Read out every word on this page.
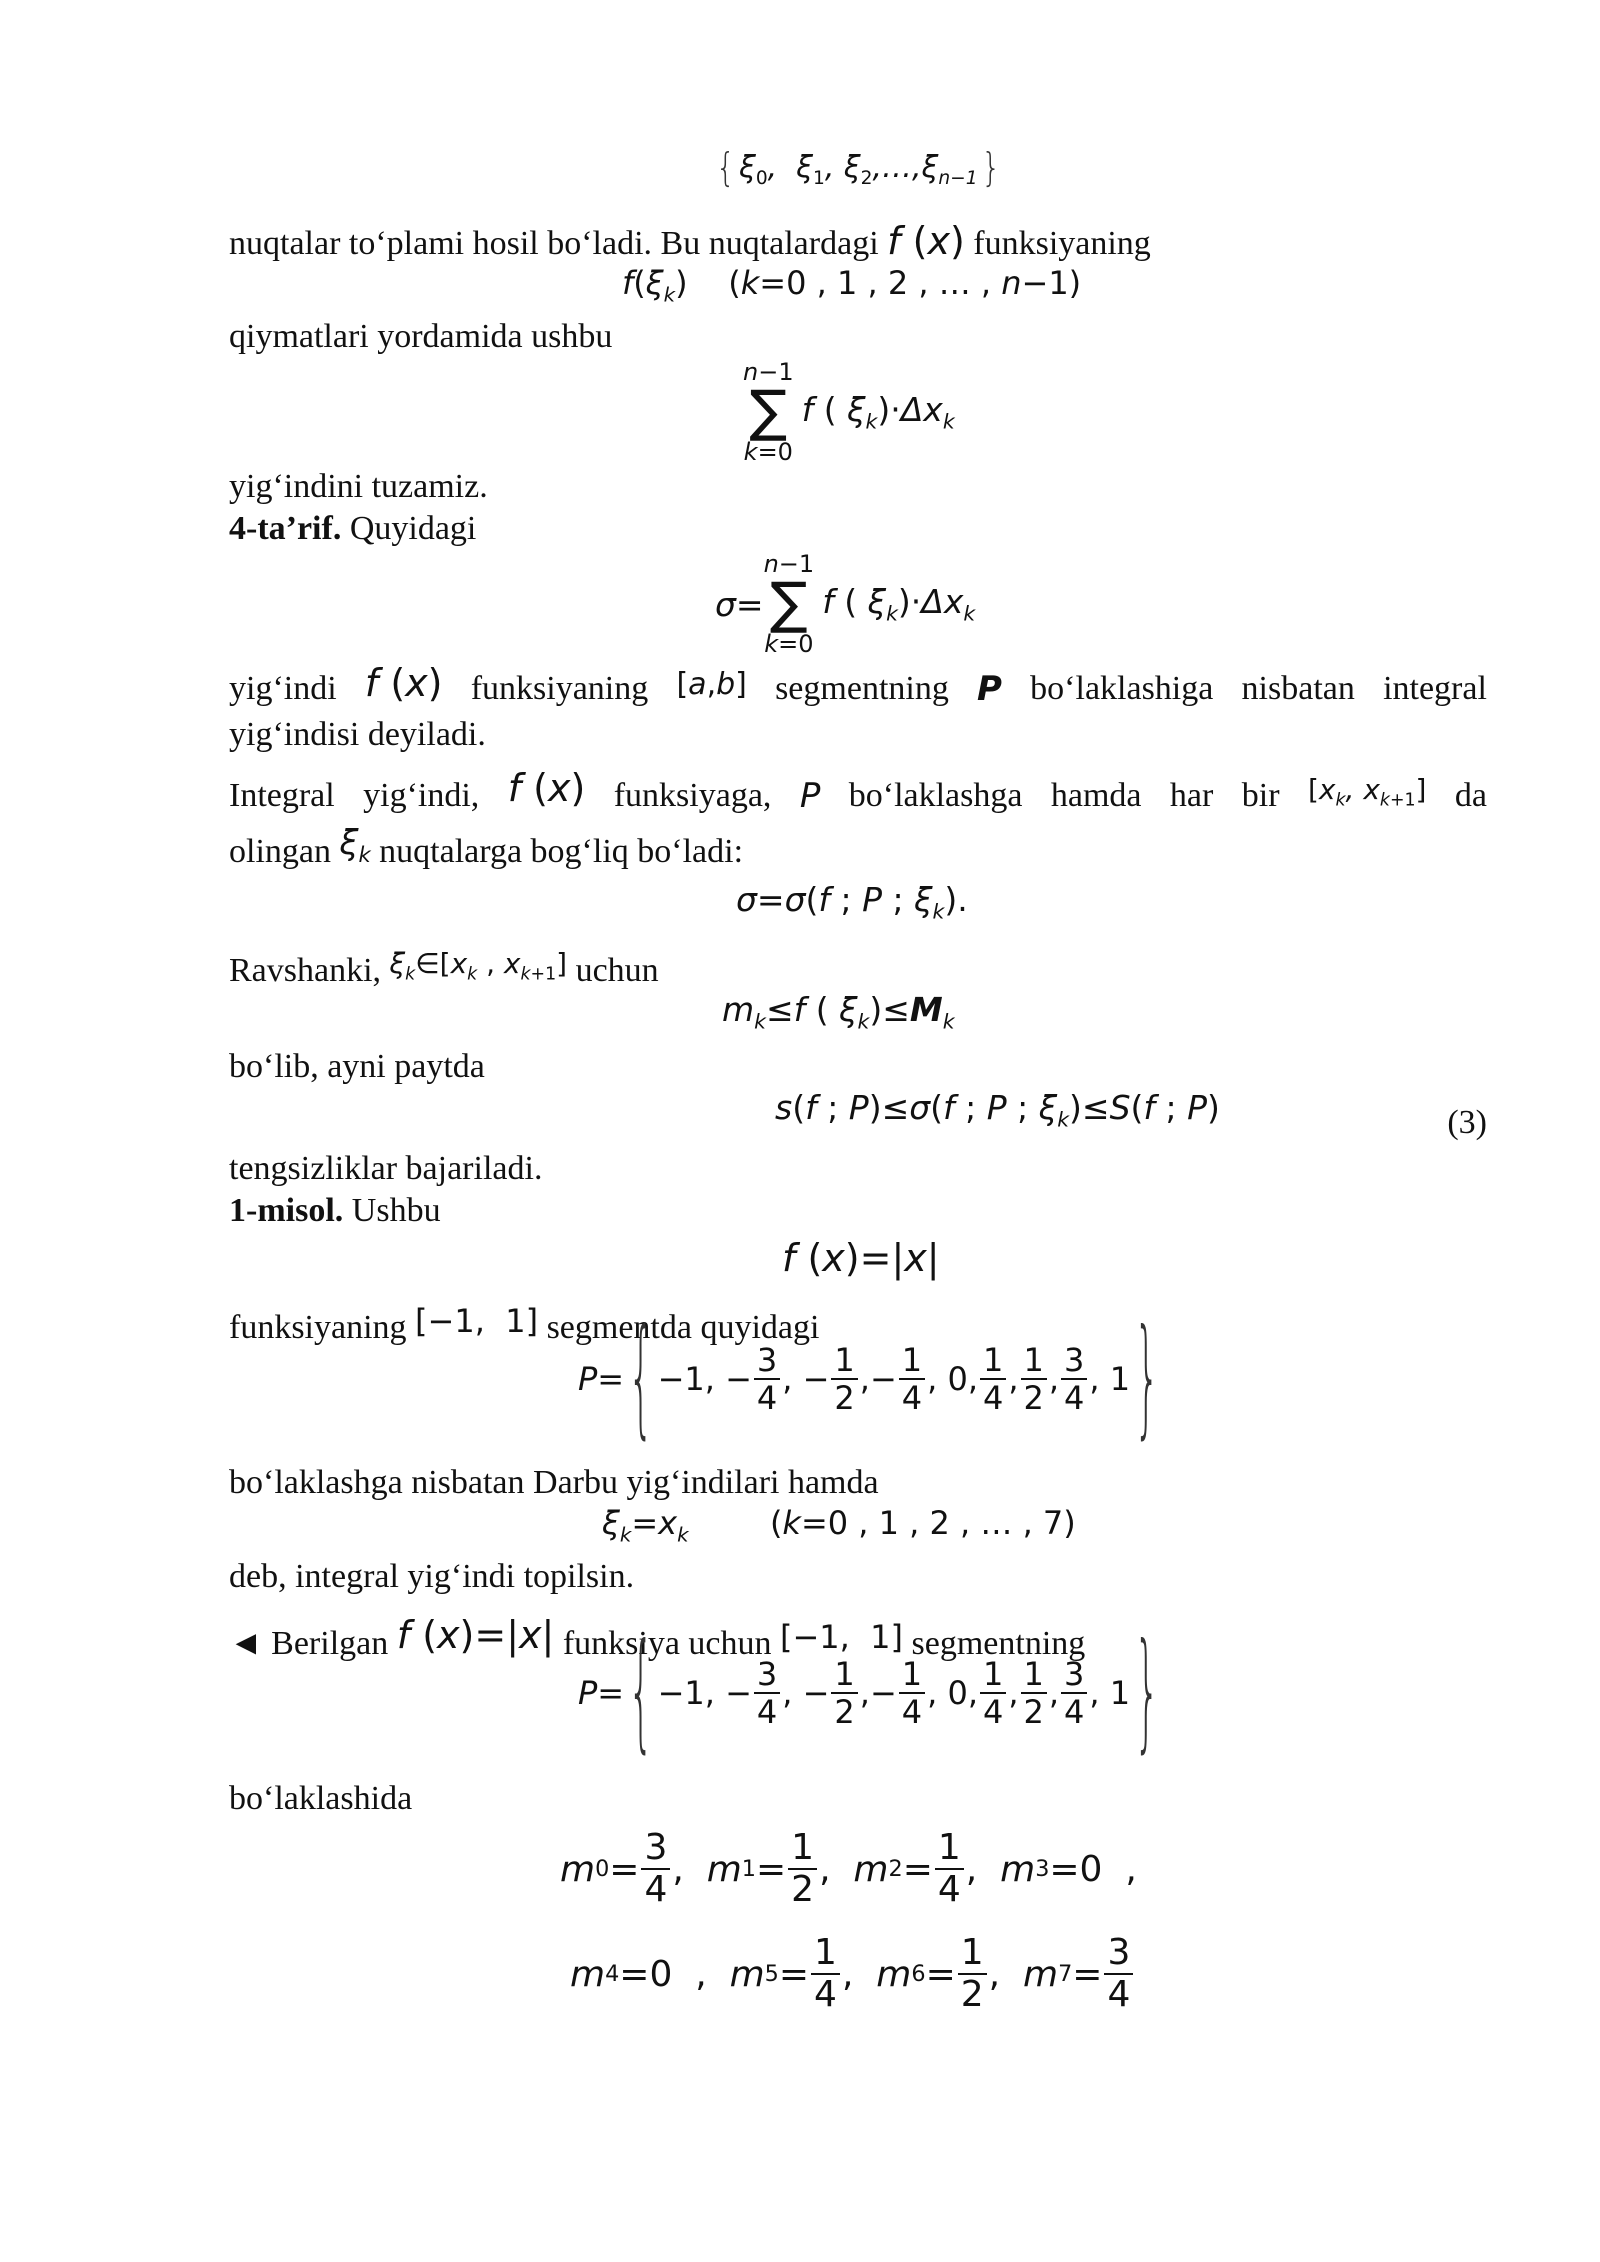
{ $\xi_0$,  $\xi_1$, $\xi_2,\dots,\xi_{n-1}$ }
nuqtalar to‘plami hosil bo‘ladi. Bu nuqtalardagi f (x) funksiyaning
$f(\xi_k)$ (k=0 , 1 , 2 , … , n−1)
qiymatlari yordamida ushbu
n−1
∑
k=0
f ( $\xi_k)\cdot\Delta x_k$
yig‘indini tuzamiz.
4-ta’rif. Quyidagi
σ=
n−1
∑
k=0
f ( $\xi_k)\cdot\Delta x_k$
yig‘indi f (x) funksiyaning [a,b] segmentning P bo‘laklashiga nisbatan integral
yig‘indisi deyiladi.
Integral yig‘indi, f (x) funksiyaga, P bo‘laklashga hamda har bir [$x_k$, $x_{k+1}$] da
olingan $\xi_k$ nuqtalarga bog‘liq bo‘ladi:
σ=σ(f ; P ; $\xi_k$).
Ravshanki, $^{\xi_k\in[x_k , x_{k+1}]}$ uchun
$m_k\le f$ ( $\xi_k)\le M_k$
bo‘lib, ayni paytda
s(f ; P)≤σ(f ; P ; $\xi_k)\le S(f$ ; P)	(3)
tengsizliklar bajariladi.
1-misol. Ushbu
f (x)=|x|
funksiyaning [−1,  1] segmentda quyidagi
P= { −1, − $\frac{3}{4}$ , − $\frac{1}{2}$ ,− $\frac{1}{4}$ , 0, $\frac{1}{4}$ , $\frac{1}{2}$ , $\frac{3}{4}$ , 1 }
bo‘laklashga nisbatan Darbu yig‘indilari hamda
$\xi_k=x_k$	(k=0 , 1 , 2 , … , 7)
deb, integral yig‘indi topilsin.
◄ Berilgan f (x)=|x| funksiya uchun [−1,  1] segmentning
P= { −1, − $\frac{3}{4}$ , − $\frac{1}{2}$ ,− $\frac{1}{4}$ , 0, $\frac{1}{4}$ , $\frac{1}{2}$ , $\frac{3}{4}$ , 1 }
bo‘laklashida
m $0 = \frac{3}{4}$ , m $1 = \frac{1}{2}$ , m $2 = \frac{1}{4}$ , m 3 =0  ,
m 4 =0  , m $5 = \frac{1}{4}$ , m $6 = \frac{1}{2}$ , m $7 = \frac{3}{4}$
